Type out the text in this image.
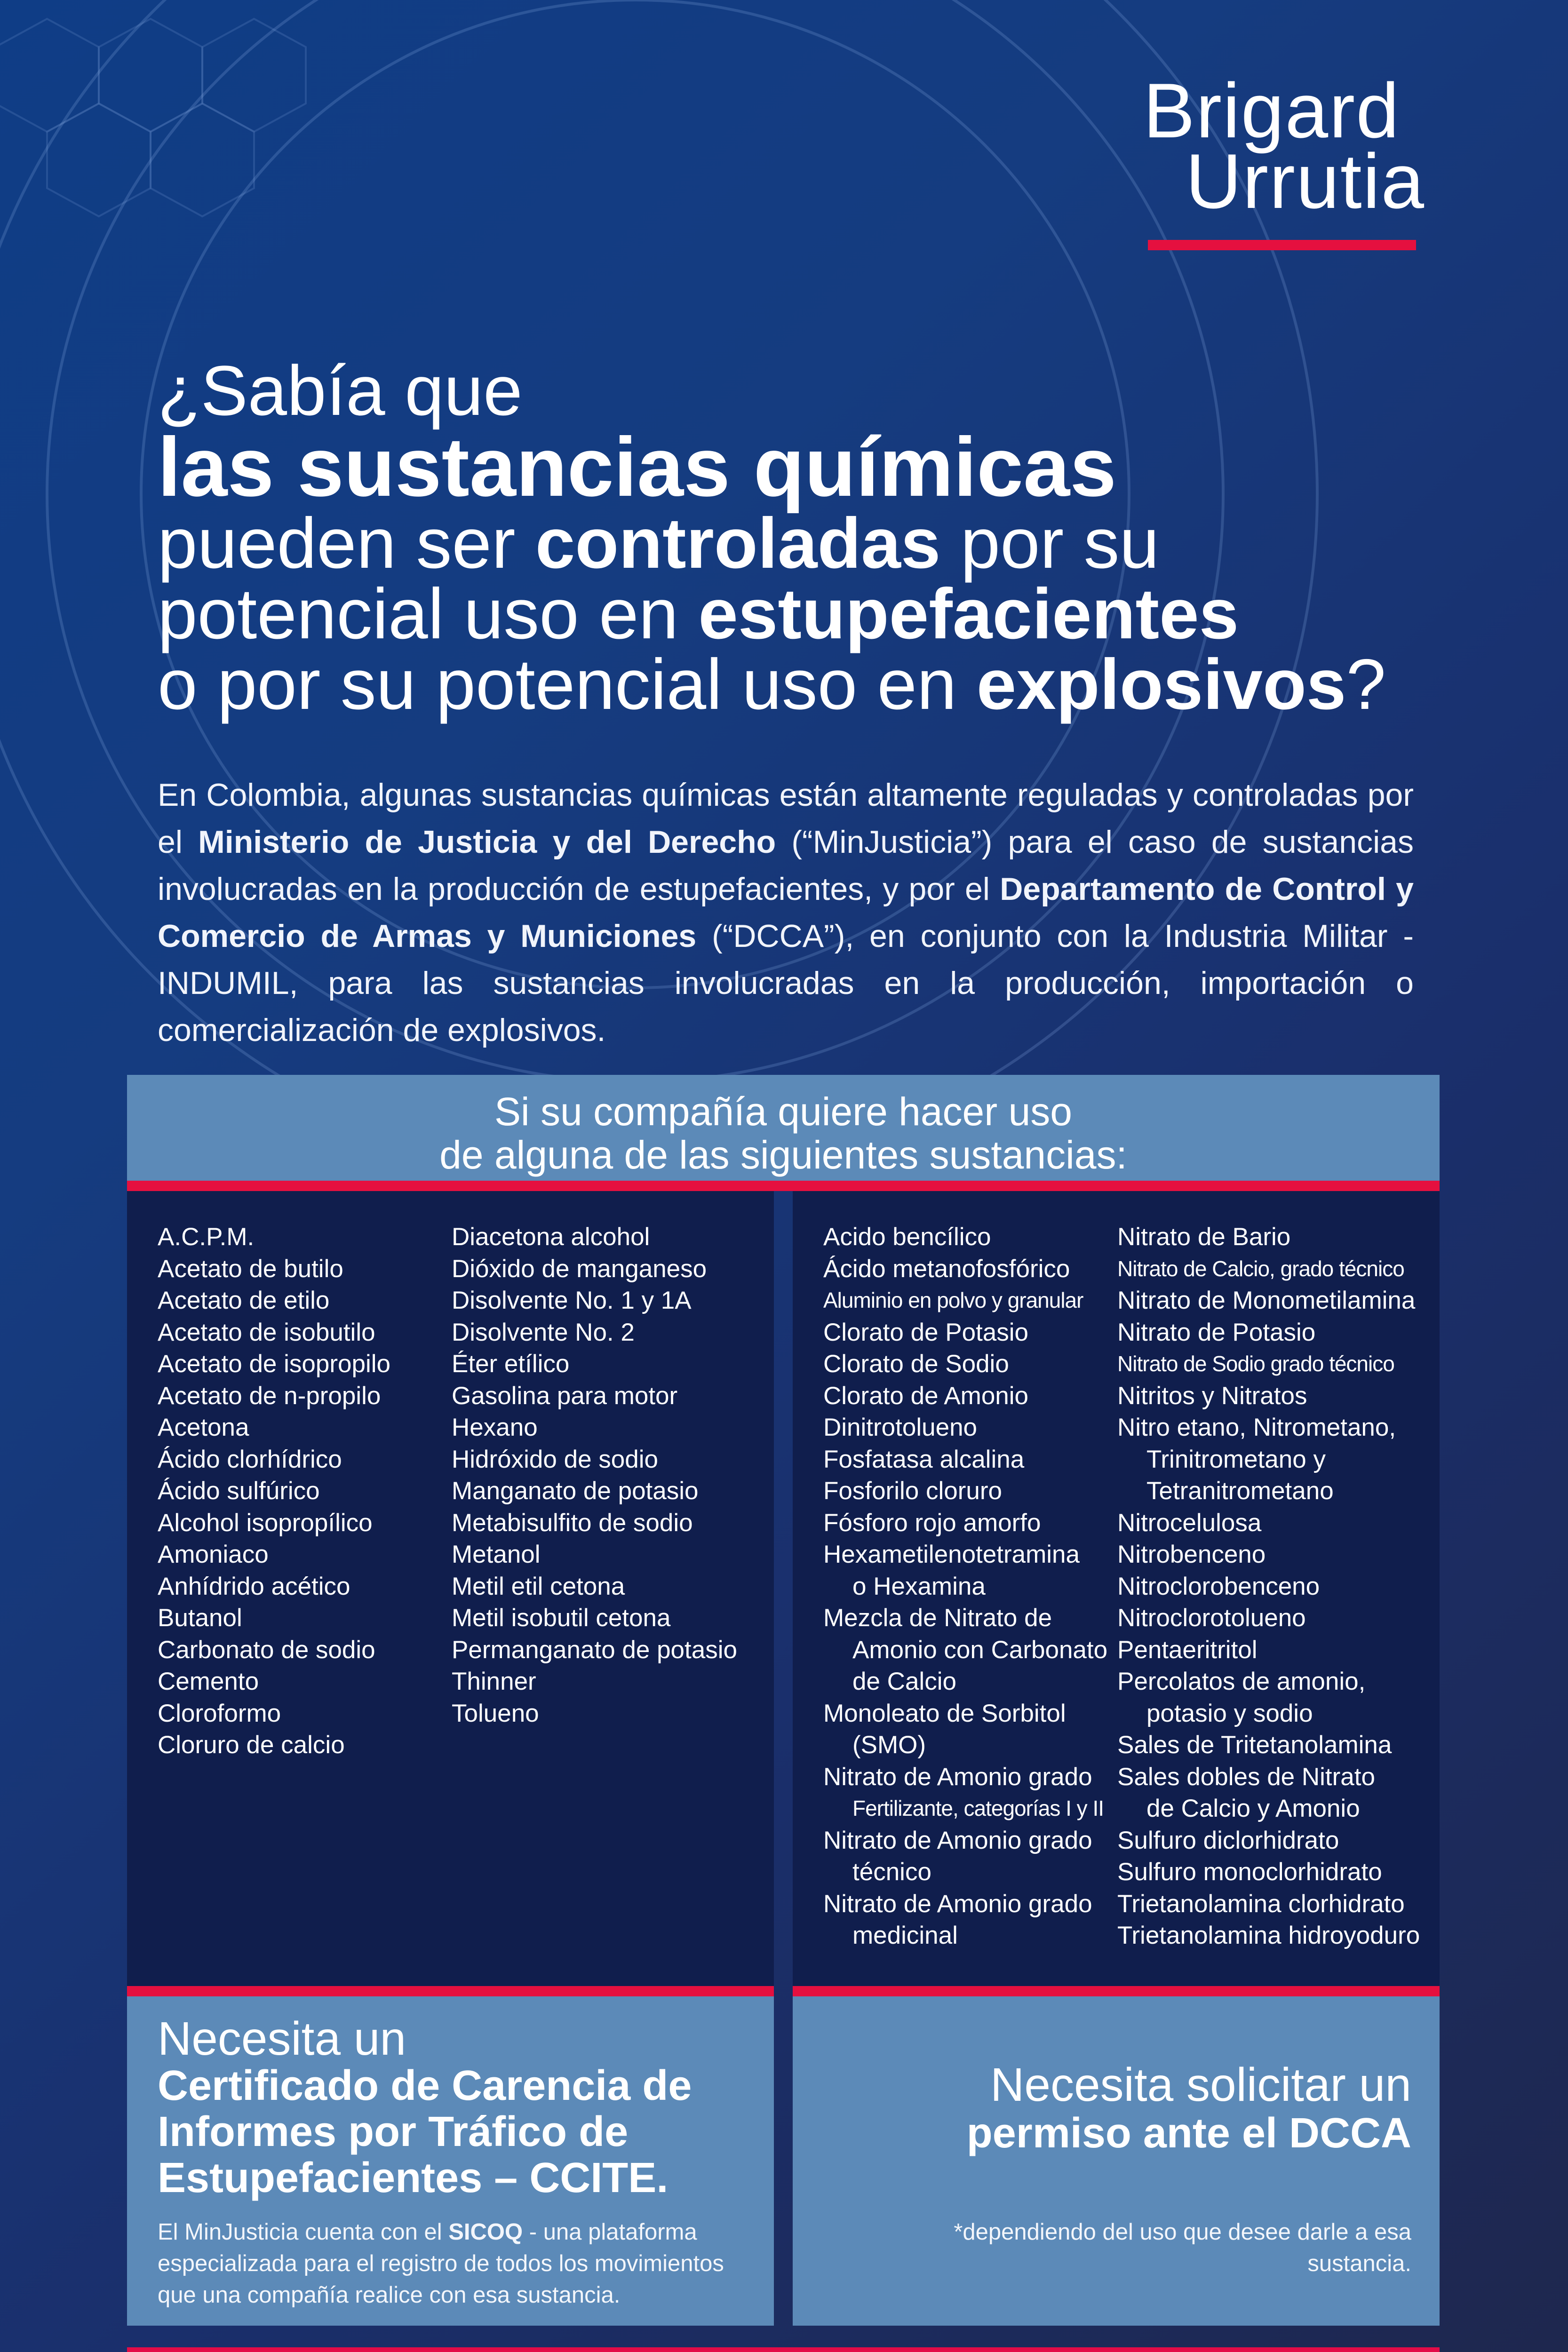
Brigard
Urrutia
¿Sabía que
las sustancias químicas
pueden ser controladas por su
potencial uso en estupefacientes
o por su potencial uso en explosivos?
En Colombia, algunas sustancias químicas están altamente reguladas y controladas por el Ministerio de Justicia y del Derecho (“MinJusticia”) para el caso de sustancias involucradas en la producción de estupefacientes, y por el Departamento de Control y Comercio de Armas y Municiones (“DCCA”), en conjunto con la Industria Militar - INDUMIL, para las sustancias involucradas en la producción, importación o comercialización de explosivos.
Si su compañía quiere hacer uso
de alguna de las siguientes sustancias:
A.C.P.M.
Acetato de butilo
Acetato de etilo
Acetato de isobutilo
Acetato de isopropilo
Acetato de n-propilo
Acetona
Ácido clorhídrico
Ácido sulfúrico
Alcohol isopropílico
Amoniaco
Anhídrido acético
Butanol
Carbonato de sodio
Cemento
Cloroformo
Cloruro de calcio
Diacetona alcohol
Dióxido de manganeso
Disolvente No. 1 y 1A
Disolvente No. 2
Éter etílico
Gasolina para motor
Hexano
Hidróxido de sodio
Manganato de potasio
Metabisulfito de sodio
Metanol
Metil etil cetona
Metil isobutil cetona
Permanganato de potasio
Thinner
Tolueno
Acido bencílico
Ácido metanofosfórico
Aluminio en polvo y granular
Clorato de Potasio
Clorato de Sodio
Clorato de Amonio
Dinitrotolueno
Fosfatasa alcalina
Fosforilo cloruro
Fósforo rojo amorfo
Hexametilenotetramina
o Hexamina
Mezcla de Nitrato de
Amonio con Carbonato
de Calcio
Monoleato de Sorbitol
(SMO)
Nitrato de Amonio grado
Fertilizante, categorías I y II
Nitrato de Amonio grado
técnico
Nitrato de Amonio grado
medicinal
Nitrato de Bario
Nitrato de Calcio, grado técnico
Nitrato de Monometilamina
Nitrato de Potasio
Nitrato de Sodio grado técnico
Nitritos y Nitratos
Nitro etano, Nitrometano,
Trinitrometano y
Tetranitrometano
Nitrocelulosa
Nitrobenceno
Nitroclorobenceno
Nitroclorotolueno
Pentaeritritol
Percolatos de amonio,
potasio y sodio
Sales de Tritetanolamina
Sales dobles de Nitrato
de Calcio y Amonio
Sulfuro diclorhidrato
Sulfuro monoclorhidrato
Trietanolamina clorhidrato
Trietanolamina hidroyoduro
Necesita un
Certificado de Carencia de Informes por Tráfico de Estupefacientes – CCITE.
El MinJusticia cuenta con el SICOQ - una plataforma especializada para el registro de todos los movimientos que una compañía realice con esa sustancia.
Necesita solicitar un
permiso ante el DCCA
*dependiendo del uso que desee darle a esa sustancia.
